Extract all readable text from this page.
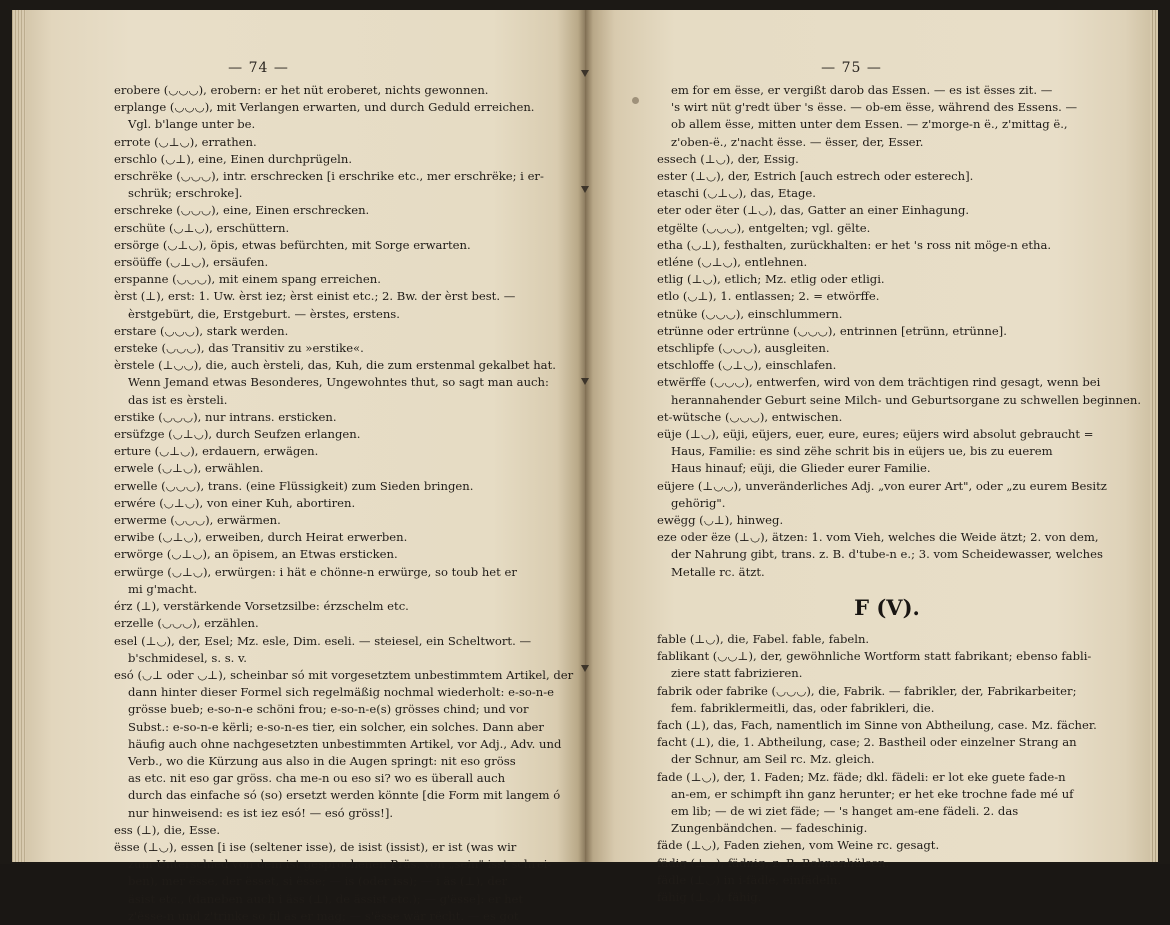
— 74 —
erobere (◡◡◡), erobern: er het nüt eroberet, nichts gewonnen.
erplange (◡◡◡), mit Verlangen erwarten, und durch Geduld erreichen.
Vgl. b'lange unter be.
errote (◡⊥◡), errathen.
erschlo (◡⊥), eine, Einen durchprügeln.
erschrëke (◡◡◡), intr. erschrecken [i erschrike etc., mer erschrëke; i er-
schrük; erschroke].
erschreke (◡◡◡), eine, Einen erschrecken.
erschüte (◡⊥◡), erschüttern.
ersörge (◡⊥◡), öpis, etwas befürchten, mit Sorge erwarten.
ersöüffe (◡⊥◡), ersäufen.
erspanne (◡◡◡), mit einem spang erreichen.
èrst (⊥), erst: 1. Uw. èrst iez; èrst einist etc.; 2. Bw. der èrst best. —
èrstgebürt, die, Erstgeburt. — èrstes, erstens.
erstare (◡◡◡), stark werden.
ersteke (◡◡◡), das Transitiv zu »erstike«.
èrstele (⊥◡◡), die, auch èrsteli, das, Kuh, die zum erstenmal gekalbet hat.
Wenn Jemand etwas Besonderes, Ungewohntes thut, so sagt man auch:
das ist es èrsteli.
erstike (◡◡◡), nur intrans. ersticken.
ersüfzge (◡⊥◡), durch Seufzen erlangen.
erture (◡⊥◡), erdauern, erwägen.
erwele (◡⊥◡), erwählen.
erwelle (◡◡◡), trans. (eine Flüssigkeit) zum Sieden bringen.
erwére (◡⊥◡), von einer Kuh, abortiren.
erwerme (◡◡◡), erwärmen.
erwibe (◡⊥◡), erweiben, durch Heirat erwerben.
erwörge (◡⊥◡), an öpisem, an Etwas ersticken.
erwürge (◡⊥◡), erwürgen: i hät e chönne-n erwürge, so toub het er
mi g'macht.
érz (⊥), verstärkende Vorsetzsilbe: érzschelm etc.
erzelle (◡◡◡), erzählen.
esel (⊥◡), der, Esel; Mz. esle, Dim. eseli. — steiesel, ein Scheltwort. —
b'schmidesel, s. s. v.
esó (◡⊥ oder ◡⊥), scheinbar só mit vorgesetztem unbestimmtem Artikel, der
dann hinter dieser Formel sich regelmäßig nochmal wiederholt: e-so-n-e
grösse bueb; e-so-n-e schöni frou; e-so-n-e(s) grösses chind; und vor
Subst.: e-so-n-e kërli; e-so-n-es tier, ein solcher, ein solches. Dann aber
häufig auch ohne nachgesetzten unbestimmten Artikel, vor Adj., Adv. und
Verb., wo die Kürzung aus also in die Augen springt: nit eso gröss
as etc. nit eso gar gröss. cha me-n ou eso si? wo es überall auch
durch das einfache só (so) ersetzt werden könnte [die Form mit langem ó
nur hinweisend: es ist iez esó! — esó gröss!].
ess (⊥), die, Esse.
ësse (⊥◡), essen [i ise (seltener isse), de isist (issist), er ist (was wir
zum Unterschied von dem ist gesprochenen Präs. von „sein" isst schrei-
ben), mer ësse, der ësset, si ësse; — is (oder iss); — i äs (⊥), der
äsist etc., (daneben auch i äss (⊥), de ässist etc.); — g'ësse]: er het
z'ësse-n und z'trinke so fil as er mag; — s'ësse wär rëcht. — es got
— 75 —
em for em ësse, er vergißt darob das Essen. — es ist ësses zit. —
's wirt nüt g'redt über 's ësse. — ob-em ësse, während des Essens. —
ob allem ësse, mitten unter dem Essen. — z'morge-n ë., z'mittag ë.,
z'oben-ë., z'nacht ësse. — ësser, der, Esser.
essech (⊥◡), der, Essig.
ester (⊥◡), der, Estrich [auch estrech oder esterech].
etaschi (◡⊥◡), das, Etage.
eter oder ëter (⊥◡), das, Gatter an einer Einhagung.
etgëlte (◡◡◡), entgelten; vgl. gëlte.
etha (◡⊥), festhalten, zurückhalten: er het 's ross nit möge-n etha.
etléne (◡⊥◡), entlehnen.
etlig (⊥◡), etlich; Mz. etlig oder etligi.
etlo (◡⊥), 1. entlassen; 2. = etwörffe.
etnüke (◡◡◡), einschlummern.
etrünne oder ertrünne (◡◡◡), entrinnen [etrünn, etrünne].
etschlipfe (◡◡◡), ausgleiten.
etschloffe (◡⊥◡), einschlafen.
etwërffe (◡◡◡), entwerfen, wird von dem trächtigen rind gesagt, wenn bei
herannahender Geburt seine Milch- und Geburtsorgane zu schwellen beginnen.
et-wütsche (◡◡◡), entwischen.
eüje (⊥◡), eüji, eüjers, euer, eure, eures; eüjers wird absolut gebraucht =
Haus, Familie: es sind zëhe schrit bis in eüjers ue, bis zu euerem
Haus hinauf; eüji, die Glieder eurer Familie.
eüjere (⊥◡◡), unveränderliches Adj. „von eurer Art", oder „zu eurem Besitz
gehörig".
ewëgg (◡⊥), hinweg.
eze oder ëze (⊥◡), ätzen: 1. vom Vieh, welches die Weide ätzt; 2. von dem,
der Nahrung gibt, trans. z. B. d'tube-n e.; 3. vom Scheidewasser, welches
Metalle rc. ätzt.
F (V).
fable (⊥◡), die, Fabel. fable, fabeln.
fablikant (◡◡⊥), der, gewöhnliche Wortform statt fabrikant; ebenso fabli-
ziere statt fabrizieren.
fabrik oder fabrike (◡◡◡), die, Fabrik. — fabrikler, der, Fabrikarbeiter;
fem. fabriklermeitli, das, oder fabrikleri, die.
fach (⊥), das, Fach, namentlich im Sinne von Abtheilung, case. Mz. fächer.
facht (⊥), die, 1. Abtheilung, case; 2. Bastheil oder einzelner Strang an
der Schnur, am Seil rc. Mz. gleich.
fade (⊥◡), der, 1. Faden; Mz. fäde; dkl. fädeli: er lot eke guete fade-n
an-em, er schimpft ihn ganz herunter; er het eke trochne fade mé uf
em lib; — de wi ziet fäde; — 's hanget am-ene fädeli. 2. das
Zungenbändchen. — fadeschinig.
fäde (⊥◡), Faden ziehen, vom Weine rc. gesagt.
fädig (⊥◡), fädnig, z. B. Bohnenhülsen.
fädle (⊥◡) in i-fädle, einfädeln.
fähig (⊥◡), fähig.
